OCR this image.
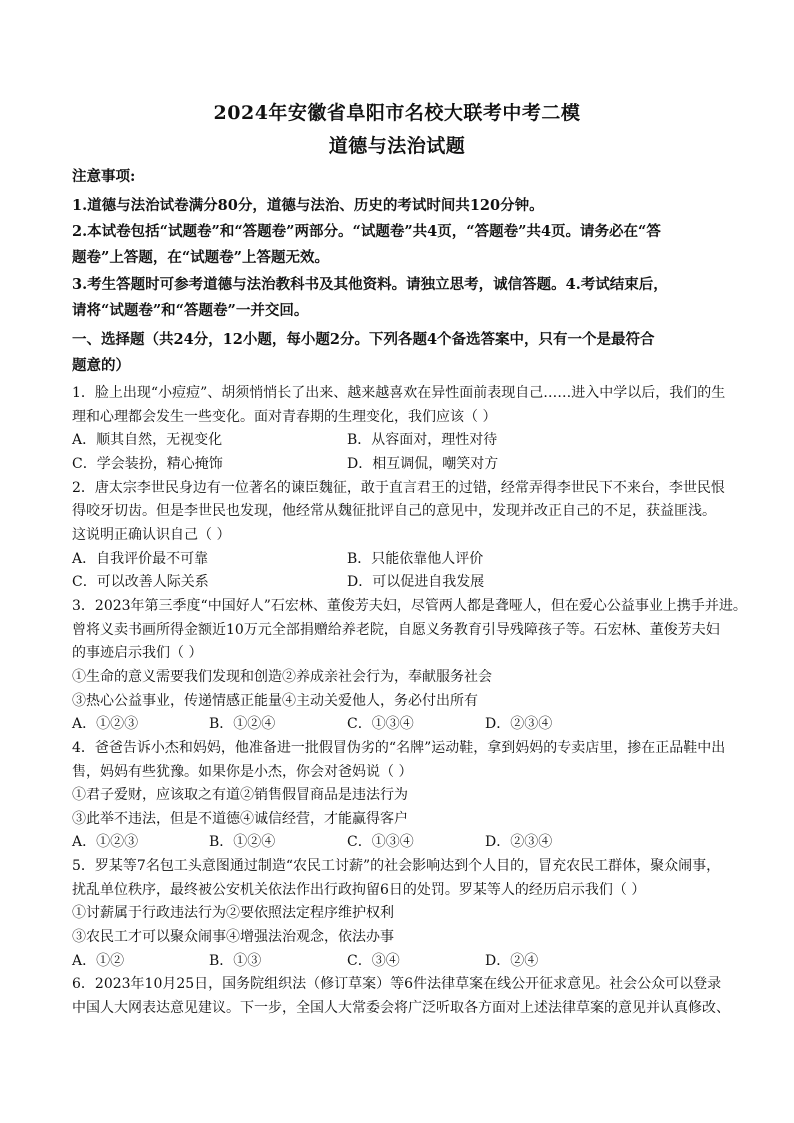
2024年安徽省阜阳市名校大联考中考二模
道德与法治试题
注意事项:
1.道德与法治试卷满分80分，道德与法治、历史的考试时间共120分钟。
2.本试卷包括“试题卷”和“答题卷”两部分。“试题卷”共4页，“答题卷”共4页。请务必在“答
题卷”上答题，在“试题卷”上答题无效。
3.考生答题时可参考道德与法治教科书及其他资料。请独立思考，诚信答题。4.考试结束后，
请将“试题卷”和“答题卷”一并交回。
一、选择题（共24分，12小题，每小题2分。下列各题4个备选答案中，只有一个是最符合
题意的）
1．脸上出现“小痘痘”、胡须悄悄长了出来、越来越喜欢在异性面前表现自己……进入中学以后，我们的生
理和心理都会发生一些变化。面对青春期的生理变化，我们应该（ ）
A．顺其自然，无视变化	B．从容面对，理性对待
C．学会装扮，精心掩饰	D．相互调侃，嘲笑对方
2．唐太宗李世民身边有一位著名的谏臣魏征，敢于直言君王的过错，经常弄得李世民下不来台，李世民恨
得咬牙切齿。但是李世民也发现，他经常从魏征批评自己的意见中，发现并改正自己的不足，获益匪浅。
这说明正确认识自己（ ）
A．自我评价最不可靠	B．只能依靠他人评价
C．可以改善人际关系	D．可以促进自我发展
3．2023年第三季度“中国好人”石宏林、董俊芳夫妇，尽管两人都是聋哑人，但在爱心公益事业上携手并进。
曾将义卖书画所得金额近10万元全部捐赠给养老院，自愿义务教育引导残障孩子等。石宏林、董俊芳夫妇
的事迹启示我们（ ）
①生命的意义需要我们发现和创造②养成亲社会行为，奉献服务社会
③热心公益事业，传递情感正能量④主动关爱他人，务必付出所有
A．①②③	B．①②④	C．①③④	D．②③④
4．爸爸告诉小杰和妈妈，他准备进一批假冒伪劣的“名牌”运动鞋，拿到妈妈的专卖店里，掺在正品鞋中出
售，妈妈有些犹豫。如果你是小杰，你会对爸妈说（ ）
①君子爱财，应该取之有道②销售假冒商品是违法行为
③此举不违法，但是不道德④诚信经营，才能赢得客户
A．①②③	B．①②④	C．①③④	D．②③④
5．罗某等7名包工头意图通过制造“农民工讨薪”的社会影响达到个人目的，冒充农民工群体，聚众闹事，
扰乱单位秩序，最终被公安机关依法作出行政拘留6日的处罚。罗某等人的经历启示我们（ ）
①讨薪属于行政违法行为②要依照法定程序维护权利
③农民工才可以聚众闹事④增强法治观念，依法办事
A．①②	B．①③	C．③④	D．②④
6．2023年10月25日，国务院组织法（修订草案）等6件法律草案在线公开征求意见。社会公众可以登录
中国人大网表达意见建议。下一步，全国人大常委会将广泛听取各方面对上述法律草案的意见并认真修改、
